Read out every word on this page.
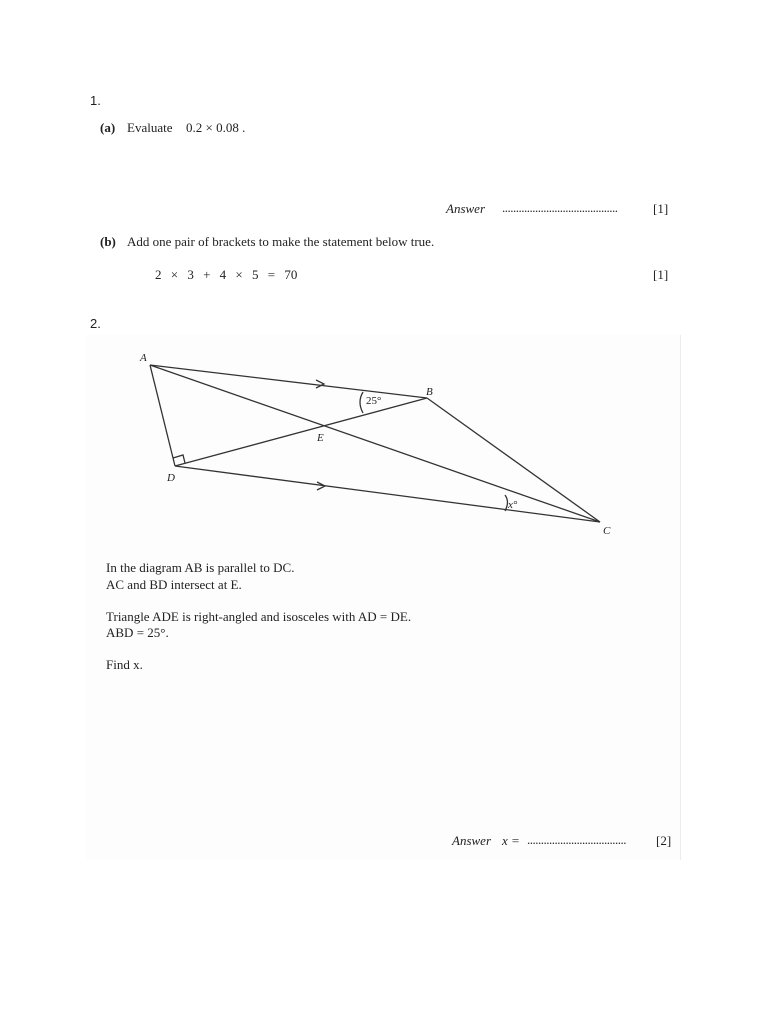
1.
(a) Evaluate 0.2 × 0.08 .
Answer ..........................................	[1]
(b) Add one pair of brackets to make the statement below true.
2 × 3 + 4 × 5 = 70	[1]
2.
A
B
C
D
E
25°
x°
In the diagram AB is parallel to DC.
AC and BD intersect at E.
Triangle ADE is right-angled and isosceles with AD = DE.
ABD = 25°.
Find x.
Answer x = .................................... [2]
